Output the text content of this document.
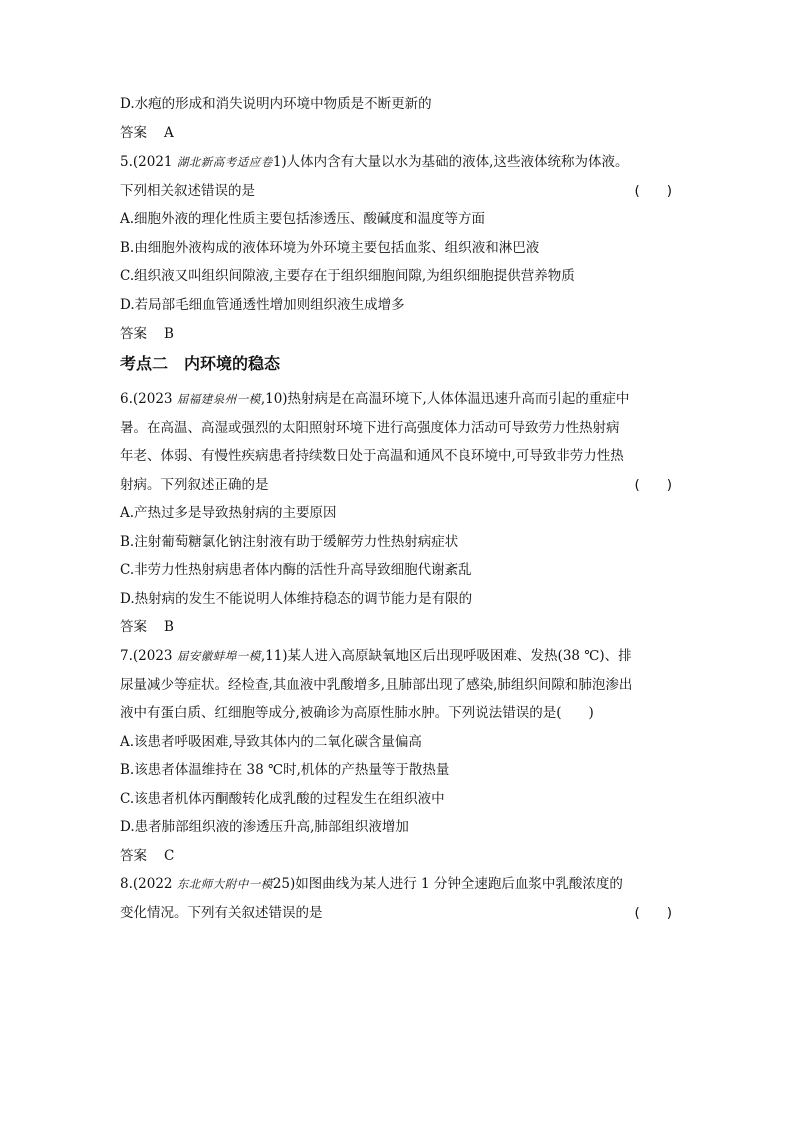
D.水疱的形成和消失说明内环境中物质是不断更新的
答案 A
5.(2021 湖北新高考适应卷1)人体内含有大量以水为基础的液体,这些液体统称为体液。
下列相关叙述错误的是	(　　)
A.细胞外液的理化性质主要包括渗透压、酸碱度和温度等方面
B.由细胞外液构成的液体环境为外环境主要包括血浆、组织液和淋巴液
C.组织液又叫组织间隙液,主要存在于组织细胞间隙,为组织细胞提供营养物质
D.若局部毛细血管通透性增加则组织液生成增多
答案 B
考点二 内环境的稳态
6.(2023 届福建泉州一模,10)热射病是在高温环境下,人体体温迅速升高而引起的重症中
暑。在高温、高湿或强烈的太阳照射环境下进行高强度体力活动可导致劳力性热射病
年老、体弱、有慢性疾病患者持续数日处于高温和通风不良环境中,可导致非劳力性热
射病。下列叙述正确的是	(　　)
A.产热过多是导致热射病的主要原因
B.注射葡萄糖氯化钠注射液有助于缓解劳力性热射病症状
C.非劳力性热射病患者体内酶的活性升高导致细胞代谢紊乱
D.热射病的发生不能说明人体维持稳态的调节能力是有限的
答案 B
7.(2023 届安徽蚌埠一模,11)某人进入高原缺氧地区后出现呼吸困难、发热(38 ℃)、排
尿量减少等症状。经检查,其血液中乳酸增多,且肺部出现了感染,肺组织间隙和肺泡渗出
液中有蛋白质、红细胞等成分,被确诊为高原性肺水肿。下列说法错误的是(　　)
A.该患者呼吸困难,导致其体内的二氧化碳含量偏高
B.该患者体温维持在 38 ℃时,机体的产热量等于散热量
C.该患者机体丙酮酸转化成乳酸的过程发生在组织液中
D.患者肺部组织液的渗透压升高,肺部组织液增加
答案 C
8.(2022 东北师大附中一模25)如图曲线为某人进行 1 分钟全速跑后血浆中乳酸浓度的
变化情况。下列有关叙述错误的是	(　　)
